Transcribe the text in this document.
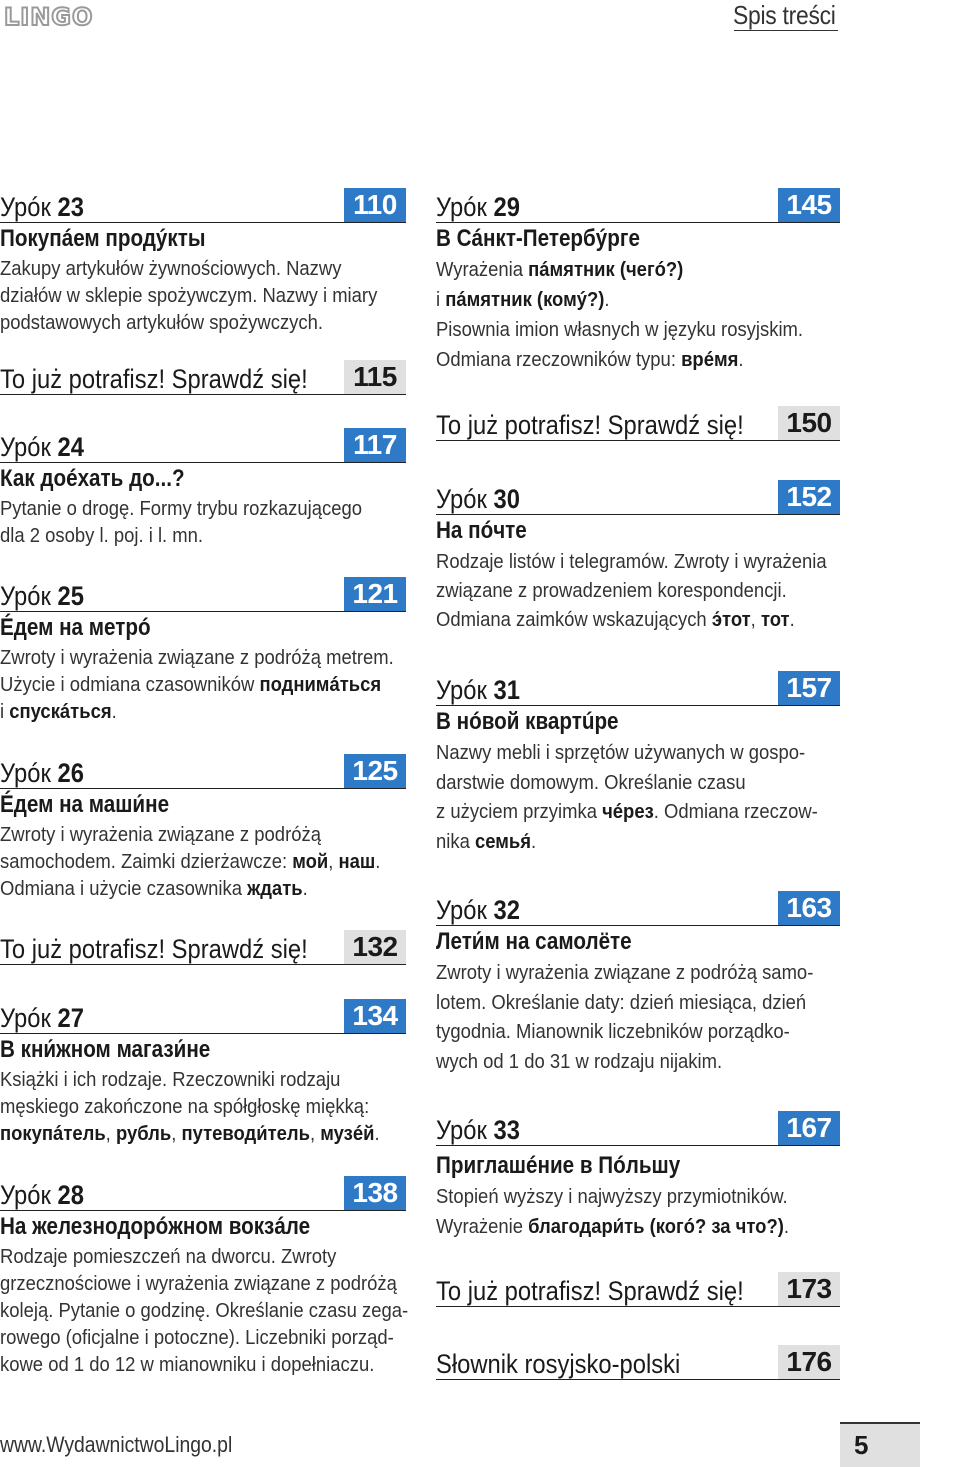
LINGO	Spis treści
Урóк 23	110
Покупáем продýкты
Zakupy artykułów żywnościowych. Nazwy
działów w sklepie spożywczym. Nazwy i miary
podstawowych artykułów spożywczych.
To już potrafisz! Sprawdź się!	115
Урóк 24	117
Как доéхать до...?
Pytanie o drogę. Formy trybu rozkazującego
dla 2 osoby l. poj. i l. mn.
Урóк 25	121
Éдем на метрó
Zwroty i wyrażenia związane z podróżą metrem.
Użycie i odmiana czasowników поднимáться
i спускáться.
Урóк 26	125
Éдем на маши́не
Zwroty i wyrażenia związane z podróżą
samochodem. Zaimki dzierżawcze: мой, наш.
Odmiana i użycie czasownika ждать.
To już potrafisz! Sprawdź się! 132
Урóк 27	134
В кни́жном магази́не
Książki i ich rodzaje. Rzeczowniki rodzaju
męskiego zakończone na spółgłoskę miękką:
покупáтель, рубль, путеводи́тель, музéй.
Урóк 28	138
На железнодорóжном вокзáле
Rodzaje pomieszczeń na dworcu. Zwroty
grzecznościowe i wyrażenia związane z podróżą
koleją. Pytanie o godzinę. Określanie czasu zega-
rowego (oficjalne i potoczne). Liczebniki porząd-
kowe od 1 do 12 w mianowniku i dopełniaczu.
Урóк 29	145
В Сáнкт-Петербýрге
Wyrażenia пáмятник (чегó?)
i пáмятник (комý?).
Pisownia imion własnych w języku rosyjskim.
Odmiana rzeczowników typu: врéмя.
To już potrafisz! Sprawdź się! 150
Урóк 30	152
На пóчте
Rodzaje listów i telegramów. Zwroty i wyrażenia
związane z prowadzeniem korespondencji.
Odmiana zaimków wskazujących э́тот, тот.
Урóк 31	157
В нóвой квартúре
Nazwy mebli i sprzętów używanych w gospo-
darstwie domowym. Określanie czasu
z użyciem przyimka чéрез. Odmiana rzeczow-
nika семья́.
Урóк 32	163
Лети́м на самолёте
Zwroty i wyrażenia związane z podróżą samo-
lotem. Określanie daty: dzień miesiąca, dzień
tygodnia. Mianownik liczebników porządko-
wych od 1 do 31 w rodzaju nijakim.
Урóк 33	167
Приглашéние в Пóльшу
Stopień wyższy i najwyższy przymiotników.
Wyrażenie благодари́ть (когó? за что?).
To już potrafisz! Sprawdź się! 173
Słownik rosyjsko-polski	176
www.WydawnictwoLingo.pl	5
